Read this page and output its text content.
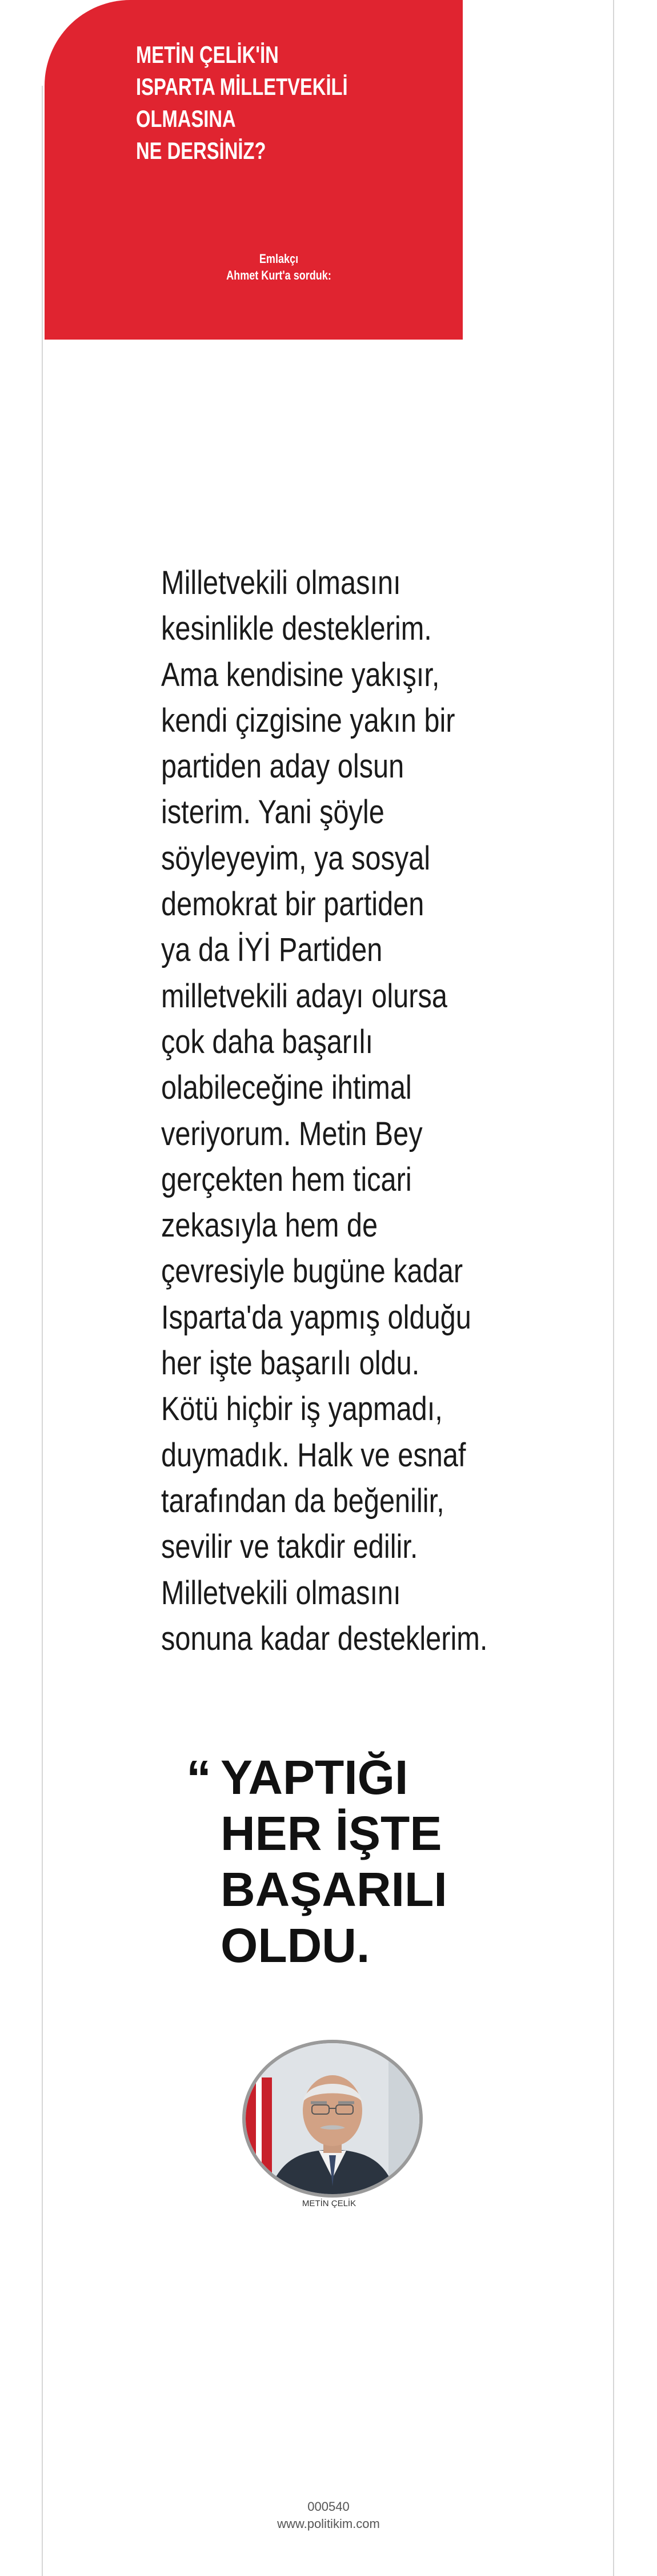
METİN ÇELİK'İN
ISPARTA MİLLETVEKİLİ
OLMASINA
NE DERSİNİZ?
Emlakçı
Ahmet Kurt'a sorduk:

Milletvekili olmasını
kesinlikle desteklerim.
Ama kendisine yakışır,
kendi çizgisine yakın bir
partiden aday olsun
isterim. Yani şöyle
söyleyeyim, ya sosyal
demokrat bir partiden
ya da İYİ Partiden
milletvekili adayı olursa
çok daha başarılı
olabileceğine ihtimal
veriyorum. Metin Bey
gerçekten hem ticari
zekasıyla hem de
çevresiyle bugüne kadar
Isparta'da yapmış olduğu
her işte başarılı oldu.
Kötü hiçbir iş yapmadı,
duymadık. Halk ve esnaf
tarafından da beğenilir,
sevilir ve takdir edilir.
Milletvekili olmasını
sonuna kadar desteklerim.

“ YAPTIĞI
HER İŞTE
BAŞARILI
OLDU.

METİN ÇELİK
000540
www.politikim.com
